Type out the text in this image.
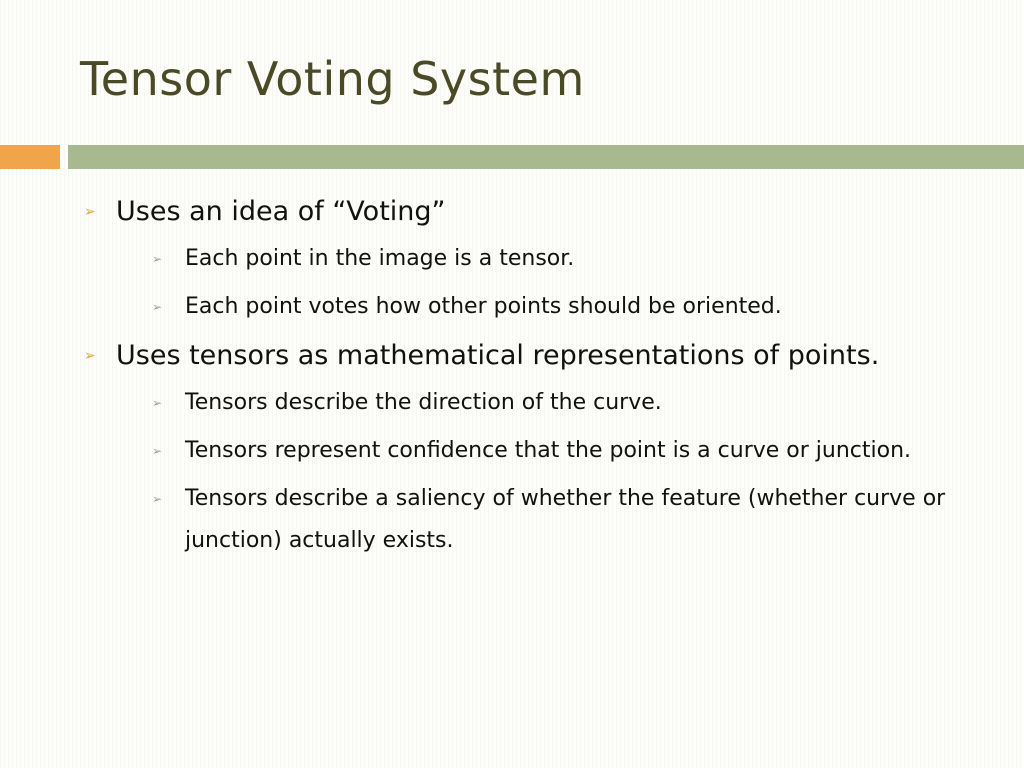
Tensor Voting System
➢ Uses an idea of “Voting”
➢ Each point in the image is a tensor.
➢ Each point votes how other points should be oriented.
➢ Uses tensors as mathematical representations of points.
➢ Tensors describe the direction of the curve.
➢ Tensors represent confidence that the point is a curve or junction.
➢ Tensors describe a saliency of whether the feature (whether curve or junction) actually exists.
